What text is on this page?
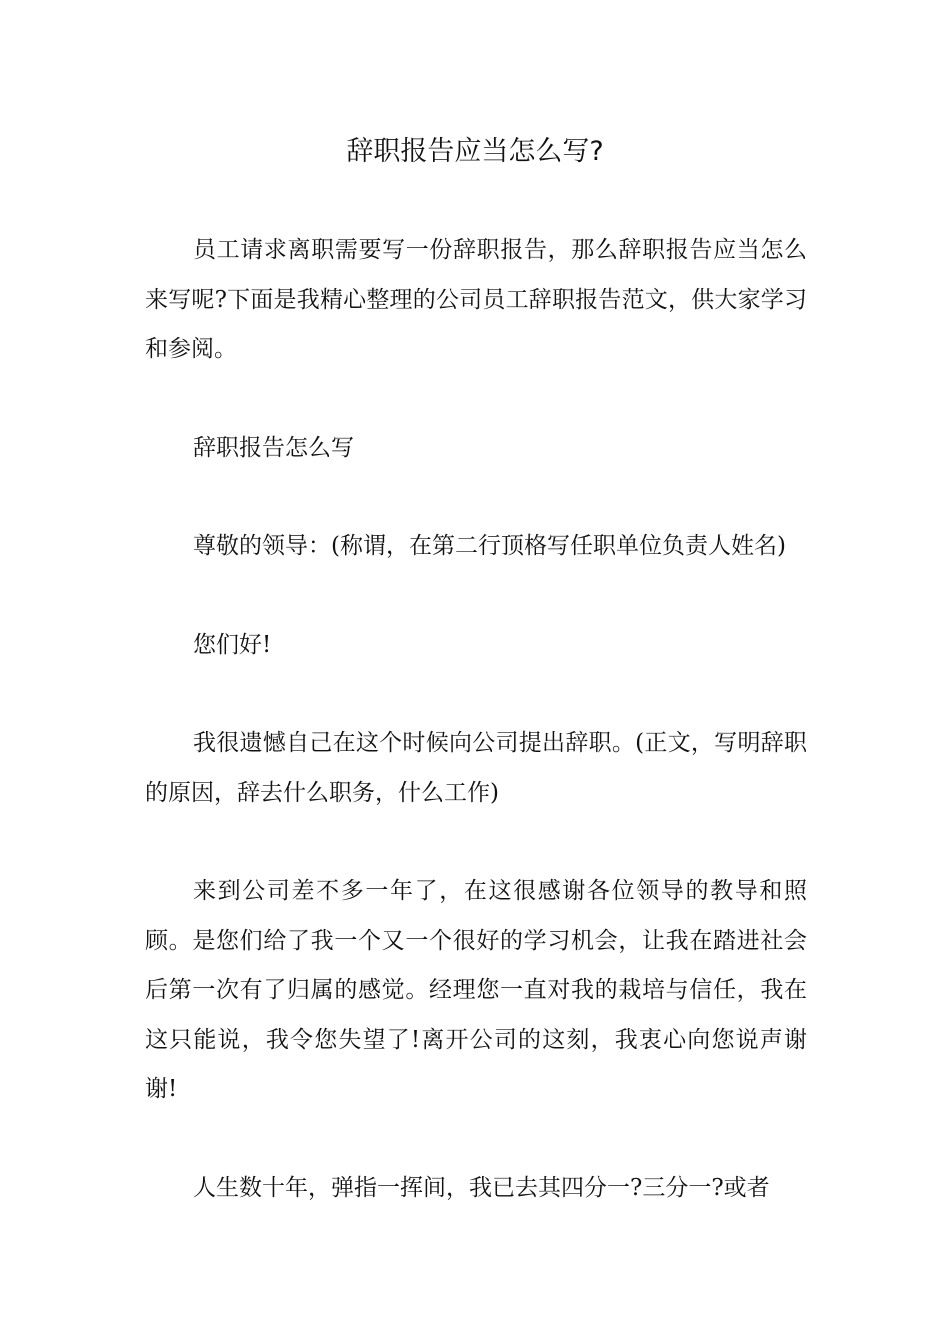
辞职报告应当怎么写?

员工请求离职需要写一份辞职报告，那么辞职报告应当怎么来写呢?下面是我精心整理的公司员工辞职报告范文，供大家学习和参阅。

辞职报告怎么写

尊敬的领导：(称谓，在第二行顶格写任职单位负责人姓名)

您们好!

我很遗憾自己在这个时候向公司提出辞职。(正文，写明辞职的原因，辞去什么职务，什么工作)

来到公司差不多一年了，在这很感谢各位领导的教导和照顾。是您们给了我一个又一个很好的学习机会，让我在踏进社会后第一次有了归属的感觉。经理您一直对我的栽培与信任，我在这只能说，我令您失望了!离开公司的这刻，我衷心向您说声谢谢!

人生数十年，弹指一挥间，我已去其四分一?三分一?或者
